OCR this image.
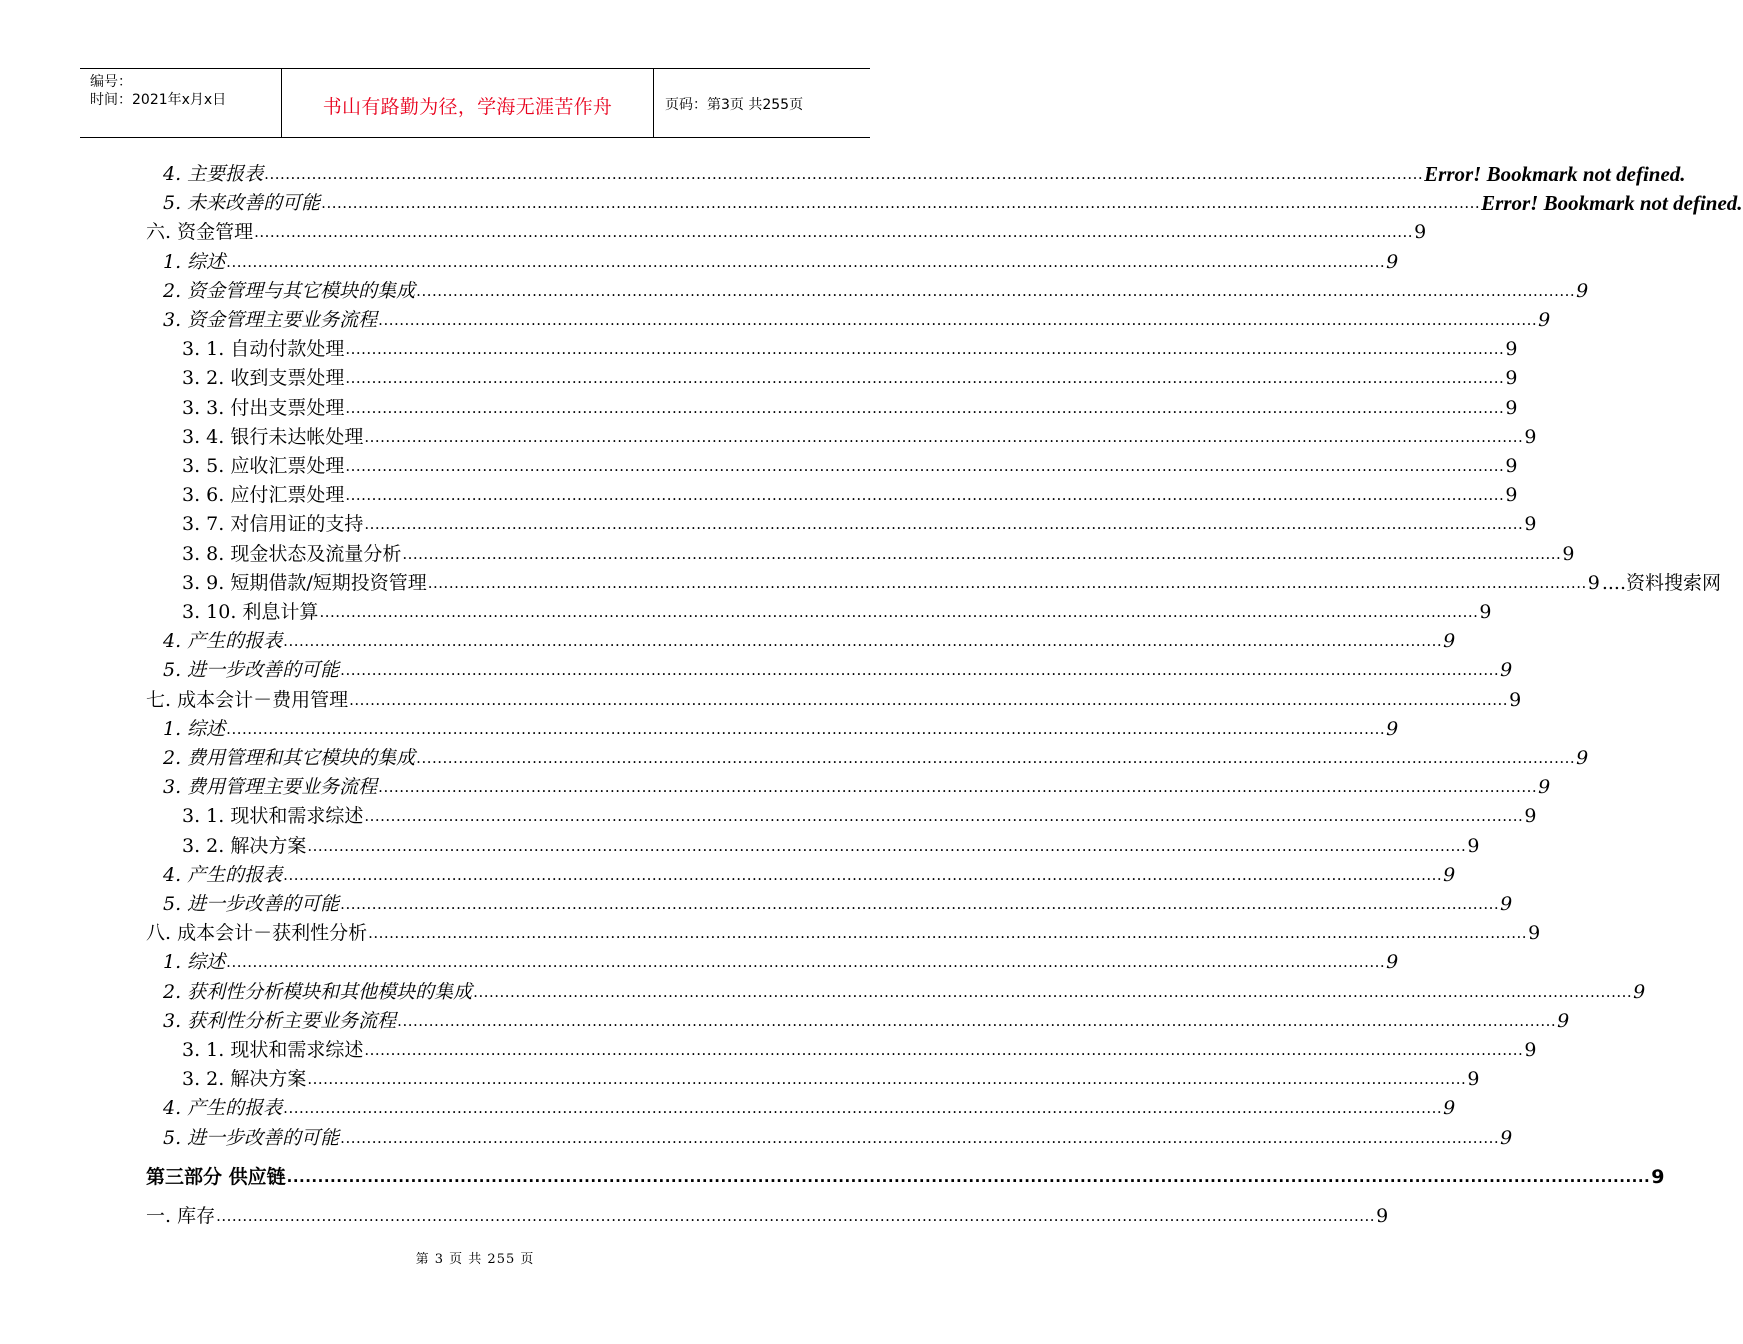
编号：
时间：2021年x月x日	书山有路勤为径，学海无涯苦作舟	页码：第3页 共255页
4. 主要报表 ............................................................................................................................................................................................................................ Error! Bookmark not defined.
5. 未来改善的可能 ............................................................................................................................................................................................................................ Error! Bookmark not defined.
六. 资金管理 ............................................................................................................................................................................................................................ 9
1. 综述 ............................................................................................................................................................................................................................ 9
2. 资金管理与其它模块的集成 ............................................................................................................................................................................................................................ 9
3. 资金管理主要业务流程 ............................................................................................................................................................................................................................ 9
3. 1. 自动付款处理 ............................................................................................................................................................................................................................ 9
3. 2. 收到支票处理 ............................................................................................................................................................................................................................ 9
3. 3. 付出支票处理 ............................................................................................................................................................................................................................ 9
3. 4. 银行未达帐处理 ............................................................................................................................................................................................................................ 9
3. 5. 应收汇票处理 ............................................................................................................................................................................................................................ 9
3. 6. 应付汇票处理 ............................................................................................................................................................................................................................ 9
3. 7. 对信用证的支持 ............................................................................................................................................................................................................................ 9
3. 8. 现金状态及流量分析 ............................................................................................................................................................................................................................ 9
3. 9. 短期借款/短期投资管理 ............................................................................................................................................................................................................................ 9 ....资料搜索网
3. 10. 利息计算 ............................................................................................................................................................................................................................ 9
4. 产生的报表 ............................................................................................................................................................................................................................ 9
5. 进一步改善的可能 ............................................................................................................................................................................................................................ 9
七. 成本会计－费用管理 ............................................................................................................................................................................................................................ 9
1. 综述 ............................................................................................................................................................................................................................ 9
2. 费用管理和其它模块的集成 ............................................................................................................................................................................................................................ 9
3. 费用管理主要业务流程 ............................................................................................................................................................................................................................ 9
3. 1. 现状和需求综述 ............................................................................................................................................................................................................................ 9
3. 2. 解决方案 ............................................................................................................................................................................................................................ 9
4. 产生的报表 ............................................................................................................................................................................................................................ 9
5. 进一步改善的可能 ............................................................................................................................................................................................................................ 9
八. 成本会计－获利性分析 ............................................................................................................................................................................................................................ 9
1. 综述 ............................................................................................................................................................................................................................ 9
2. 获利性分析模块和其他模块的集成 ............................................................................................................................................................................................................................ 9
3. 获利性分析主要业务流程 ............................................................................................................................................................................................................................ 9
3. 1. 现状和需求综述 ............................................................................................................................................................................................................................ 9
3. 2. 解决方案 ............................................................................................................................................................................................................................ 9
4. 产生的报表 ............................................................................................................................................................................................................................ 9
5. 进一步改善的可能 ............................................................................................................................................................................................................................ 9
第三部分 供应链 ............................................................................................................................................................................................................................ 9
一. 库存 ............................................................................................................................................................................................................................ 9
第 3 页 共 255 页
